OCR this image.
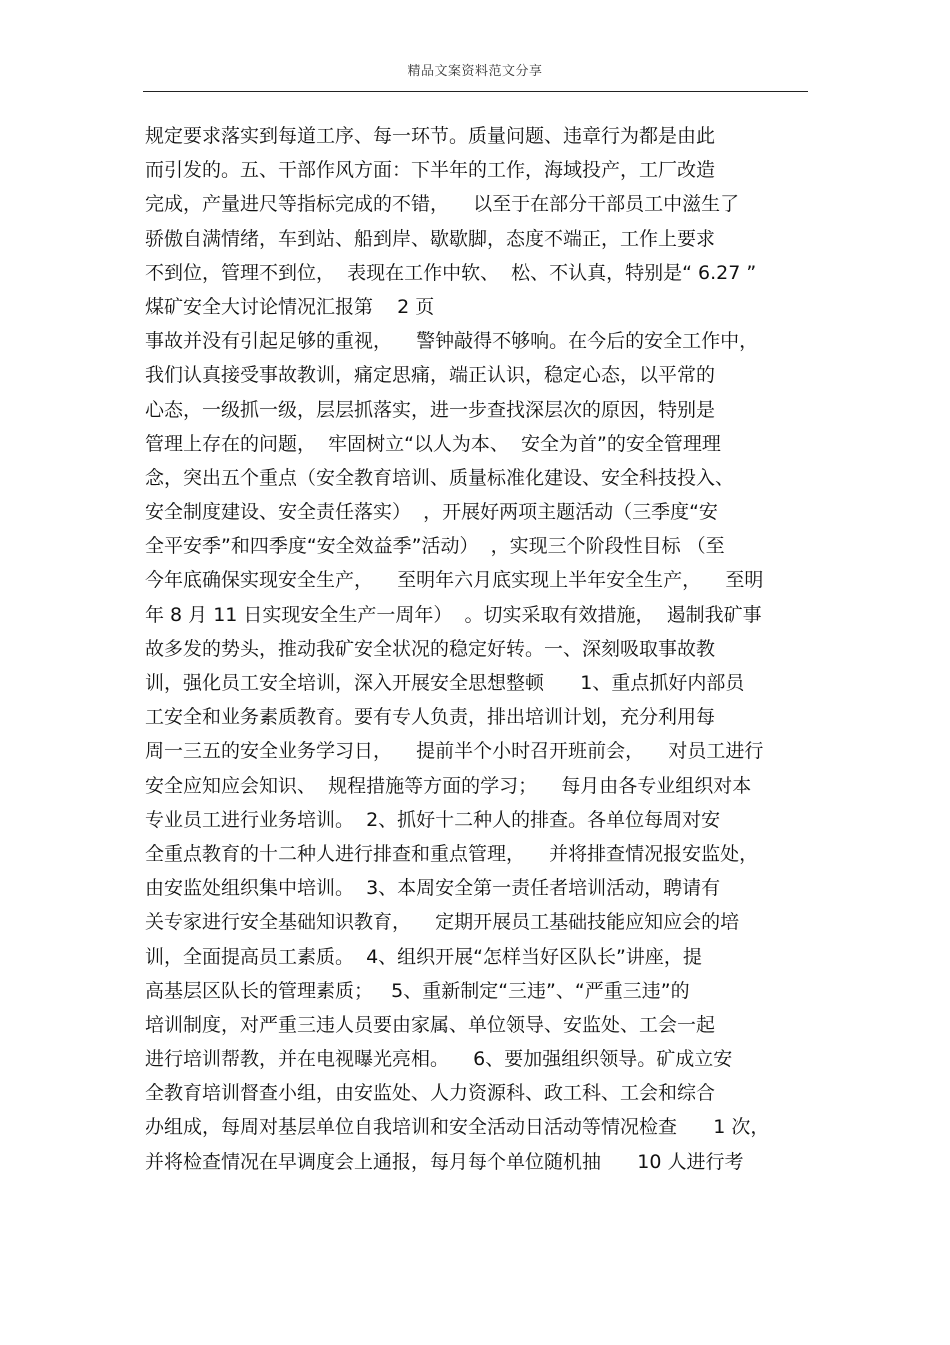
精品文案资料范文分享
规定要求落实到每道工序、每一环节。质量问题、违章行为都是由此
而引发的。五、干部作风方面：下半年的工作，海域投产，工厂改造
完成，产量进尺等指标完成的不错，    以至于在部分干部员工中滋生了
骄傲自满情绪，车到站、船到岸、歇歇脚，态度不端正，工作上要求
不到位，管理不到位，  表现在工作中软、  松、不认真，特别是“ 6.27 ”
煤矿安全大讨论情况汇报第    2 页
事故并没有引起足够的重视，    警钟敲得不够响。在今后的安全工作中，
我们认真接受事故教训，痛定思痛，端正认识，稳定心态，以平常的
心态，一级抓一级，层层抓落实，进一步查找深层次的原因，特别是
管理上存在的问题，  牢固树立“以人为本、  安全为首”的安全管理理
念，突出五个重点（安全教育培训、质量标准化建设、安全科技投入、
安全制度建设、安全责任落实）  ，开展好两项主题活动（三季度“安
全平安季”和四季度“安全效益季”活动）  ，实现三个阶段性目标 （至
今年底确保实现安全生产，    至明年六月底实现上半年安全生产，    至明
年 8 月 11 日实现安全生产一周年）  。切实采取有效措施，  遏制我矿事
故多发的势头，推动我矿安全状况的稳定好转。一、深刻吸取事故教
训，强化员工安全培训，深入开展安全思想整顿      1、重点抓好内部员
工安全和业务素质教育。要有专人负责，排出培训计划，充分利用每
周一三五的安全业务学习日，    提前半个小时召开班前会，    对员工进行
安全应知应会知识、  规程措施等方面的学习；    每月由各专业组织对本
专业员工进行业务培训。  2、抓好十二种人的排查。各单位每周对安
全重点教育的十二种人进行排查和重点管理，    并将排查情况报安监处，
由安监处组织集中培训。  3、本周安全第一责任者培训活动，聘请有
关专家进行安全基础知识教育，    定期开展员工基础技能应知应会的培
训，全面提高员工素质。  4、组织开展“怎样当好区队长”讲座，提
高基层区队长的管理素质；   5、重新制定“三违”、“严重三违”的
培训制度，对严重三违人员要由家属、单位领导、安监处、工会一起
进行培训帮教，并在电视曝光亮相。    6、要加强组织领导。矿成立安
全教育培训督查小组，由安监处、人力资源科、政工科、工会和综合
办组成，每周对基层单位自我培训和安全活动日活动等情况检查      1 次，
并将检查情况在早调度会上通报，每月每个单位随机抽      10 人进行考
